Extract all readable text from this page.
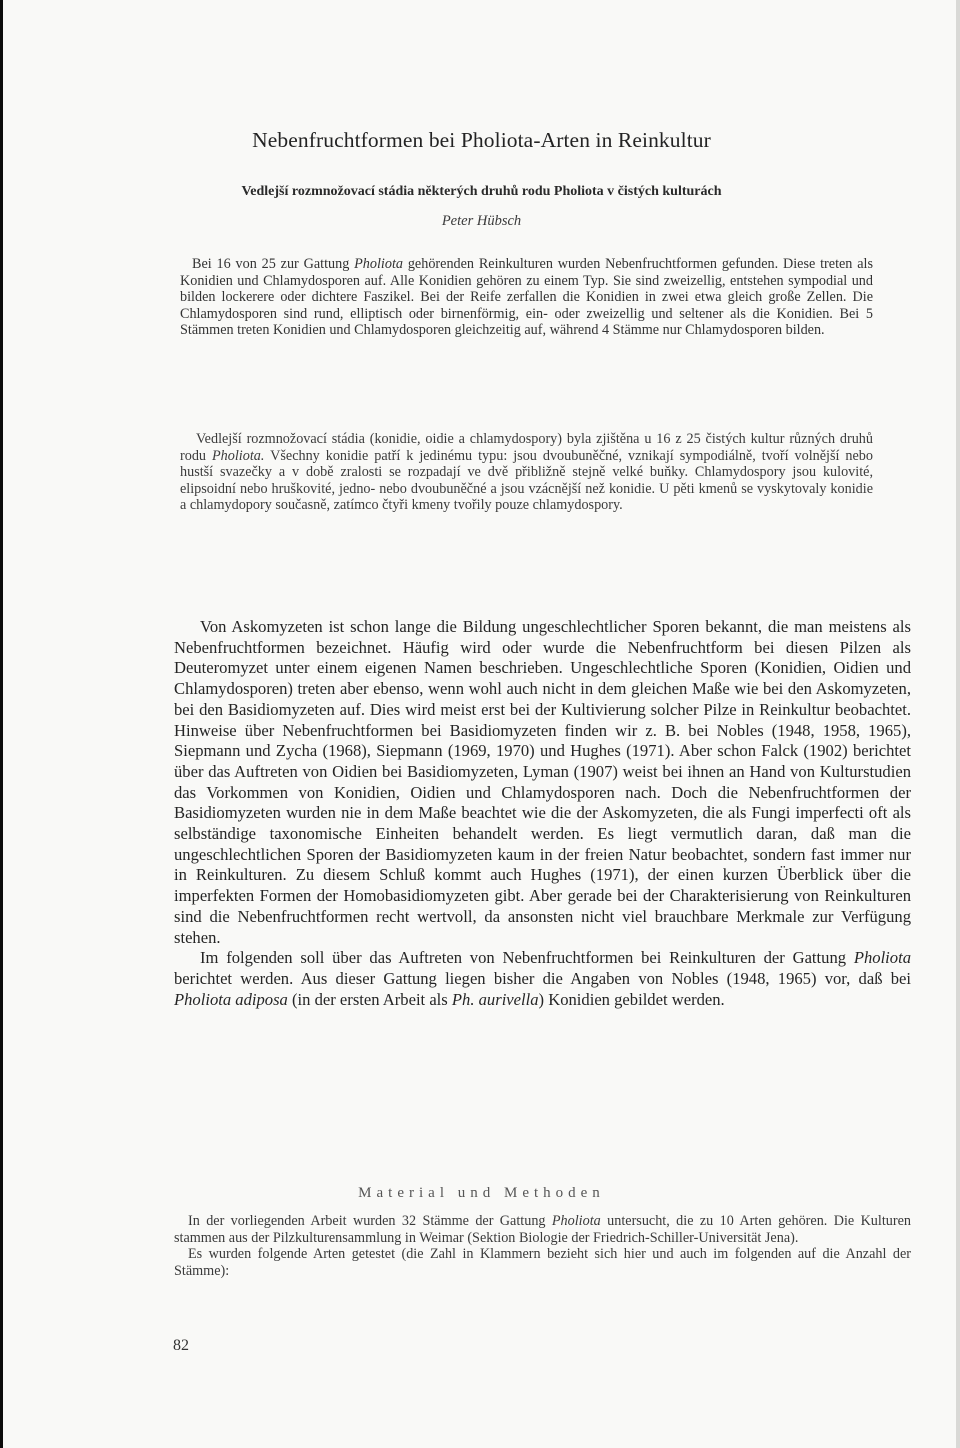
Nebenfruchtformen bei Pholiota-Arten in Reinkultur
Vedlejší rozmnožovací stádia některých druhů rodu Pholiota v čistých kulturách
Peter Hübsch

Bei 16 von 25 zur Gattung Pholiota gehörenden Reinkulturen wurden Nebenfruchtformen gefunden. Diese treten als Konidien und Chlamydosporen auf. Alle Konidien gehören zu einem Typ. Sie sind zweizellig, entstehen sympodial und bilden lockerere oder dichtere Faszikel. Bei der Reife zerfallen die Konidien in zwei etwa gleich große Zellen. Die Chlamydosporen sind rund, elliptisch oder birnenförmig, ein- oder zweizellig und seltener als die Konidien. Bei 5 Stämmen treten Konidien und Chlamydosporen gleichzeitig auf, während 4 Stämme nur Chlamydosporen bilden.

Vedlejší rozmnožovací stádia (konidie, oidie a chlamydospory) byla zjištěna u 16 z 25 čistých kultur různých druhů rodu Pholiota. Všechny konidie patří k jedinému typu: jsou dvoubuněčné, vznikají sympodiálně, tvoří volnější nebo hustší svazečky a v době zralosti se rozpadají ve dvě přibližně stejně velké buňky. Chlamydospory jsou kulovité, elipsoidní nebo hruškovité, jedno- nebo dvoubuněčné a jsou vzácnější než konidie. U pěti kmenů se vyskytovaly konidie a chlamydopory současně, zatímco čtyři kmeny tvořily pouze chlamydospory.

Von Askomyzeten ist schon lange die Bildung ungeschlechtlicher Sporen bekannt, die man meistens als Nebenfruchtformen bezeichnet. Häufig wird oder wurde die Nebenfruchtform bei diesen Pilzen als Deuteromyzet unter einem eigenen Namen beschrieben. Ungeschlechtliche Sporen (Konidien, Oidien und Chlamydosporen) treten aber ebenso, wenn wohl auch nicht in dem gleichen Maße wie bei den Askomyzeten, bei den Basidiomyzeten auf. Dies wird meist erst bei der Kultivierung solcher Pilze in Reinkultur beobachtet. Hinweise über Nebenfruchtformen bei Basidiomyzeten finden wir z. B. bei Nobles (1948, 1958, 1965), Siepmann und Zycha (1968), Siepmann (1969, 1970) und Hughes (1971). Aber schon Falck (1902) berichtet über das Auftreten von Oidien bei Basidiomyzeten, Lyman (1907) weist bei ihnen an Hand von Kulturstudien das Vorkommen von Konidien, Oidien und Chlamydosporen nach. Doch die Nebenfruchtformen der Basidiomyzeten wurden nie in dem Maße beachtet wie die der Askomyzeten, die als Fungi imperfecti oft als selbständige taxonomische Einheiten behandelt werden. Es liegt vermutlich daran, daß man die ungeschlechtlichen Sporen der Basidiomyzeten kaum in der freien Natur beobachtet, sondern fast immer nur in Reinkulturen. Zu diesem Schluß kommt auch Hughes (1971), der einen kurzen Überblick über die imperfekten Formen der Homobasidiomyzeten gibt. Aber gerade bei der Charakterisierung von Reinkulturen sind die Nebenfruchtformen recht wertvoll, da ansonsten nicht viel brauchbare Merkmale zur Verfügung stehen.

Im folgenden soll über das Auftreten von Nebenfruchtformen bei Reinkulturen der Gattung Pholiota berichtet werden. Aus dieser Gattung liegen bisher die Angaben von Nobles (1948, 1965) vor, daß bei Pholiota adiposa (in der ersten Arbeit als Ph. aurivella) Konidien gebildet werden.

Material und Methoden

In der vorliegenden Arbeit wurden 32 Stämme der Gattung Pholiota untersucht, die zu 10 Arten gehören. Die Kulturen stammen aus der Pilzkulturensammlung in Weimar (Sektion Biologie der Friedrich-Schiller-Universität Jena).

Es wurden folgende Arten getestet (die Zahl in Klammern bezieht sich hier und auch im folgenden auf die Anzahl der Stämme):

82
